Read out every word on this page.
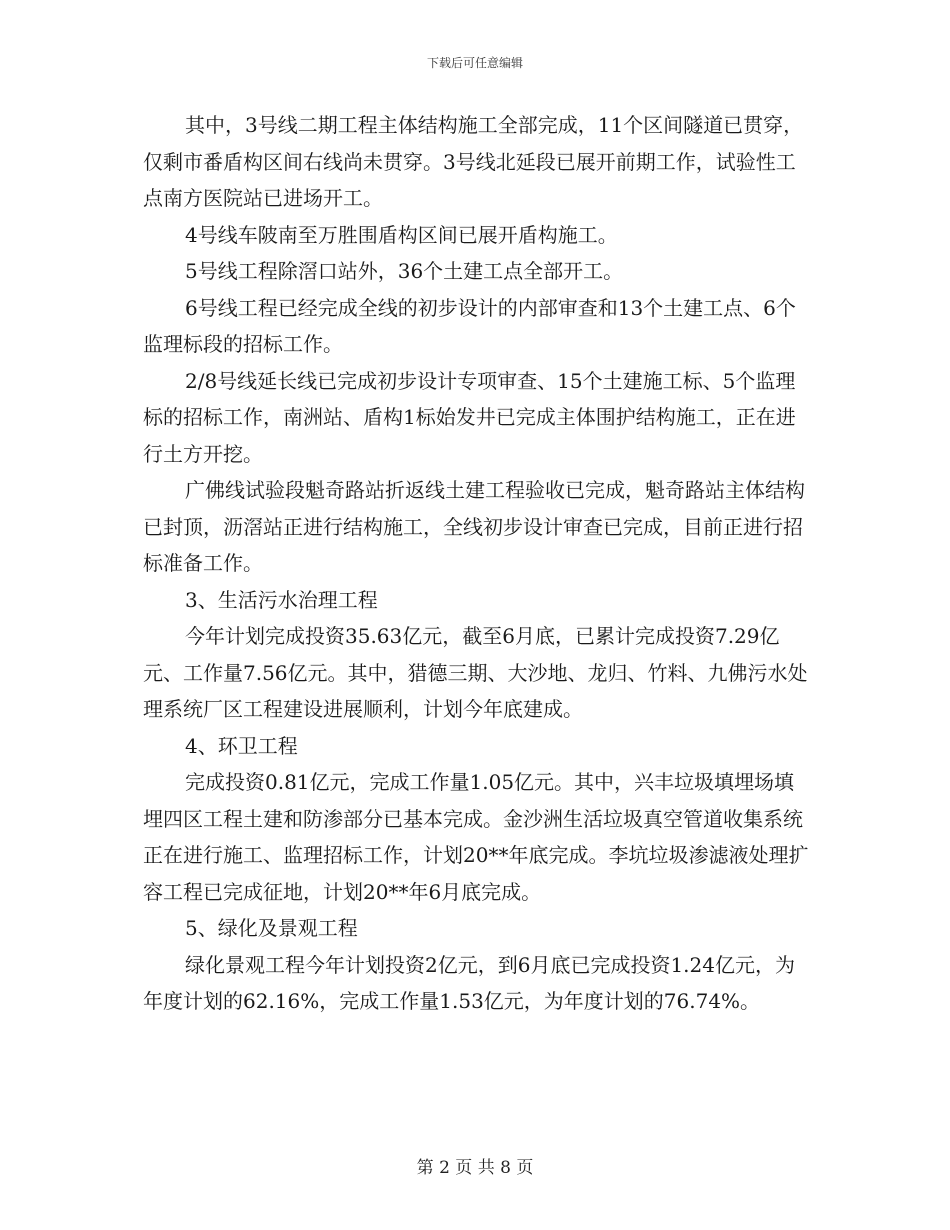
下载后可任意编辑

其中，3号线二期工程主体结构施工全部完成，11个区间隧道已贯穿，仅剩市番盾构区间右线尚未贯穿。3号线北延段已展开前期工作，试验性工点南方医院站已进场开工。

4号线车陂南至万胜围盾构区间已展开盾构施工。

5号线工程除滘口站外，36个土建工点全部开工。

6号线工程已经完成全线的初步设计的内部审查和13个土建工点、6个监理标段的招标工作。

2/8号线延长线已完成初步设计专项审查、15个土建施工标、5个监理标的招标工作，南洲站、盾构1标始发井已完成主体围护结构施工，正在进行土方开挖。

广佛线试验段魁奇路站折返线土建工程验收已完成，魁奇路站主体结构已封顶，沥滘站正进行结构施工，全线初步设计审查已完成，目前正进行招标准备工作。

3、生活污水治理工程

今年计划完成投资35.63亿元，截至6月底，已累计完成投资7.29亿元、工作量7.56亿元。其中，猎德三期、大沙地、龙归、竹料、九佛污水处理系统厂区工程建设进展顺利，计划今年底建成。

4、环卫工程

完成投资0.81亿元，完成工作量1.05亿元。其中，兴丰垃圾填埋场填埋四区工程土建和防渗部分已基本完成。金沙洲生活垃圾真空管道收集系统正在进行施工、监理招标工作，计划20**年底完成。李坑垃圾渗滤液处理扩容工程已完成征地，计划20**年6月底完成。

5、绿化及景观工程

绿化景观工程今年计划投资2亿元，到6月底已完成投资1.24亿元，为年度计划的62.16%，完成工作量1.53亿元，为年度计划的76.74%。

第 2 页 共 8 页
